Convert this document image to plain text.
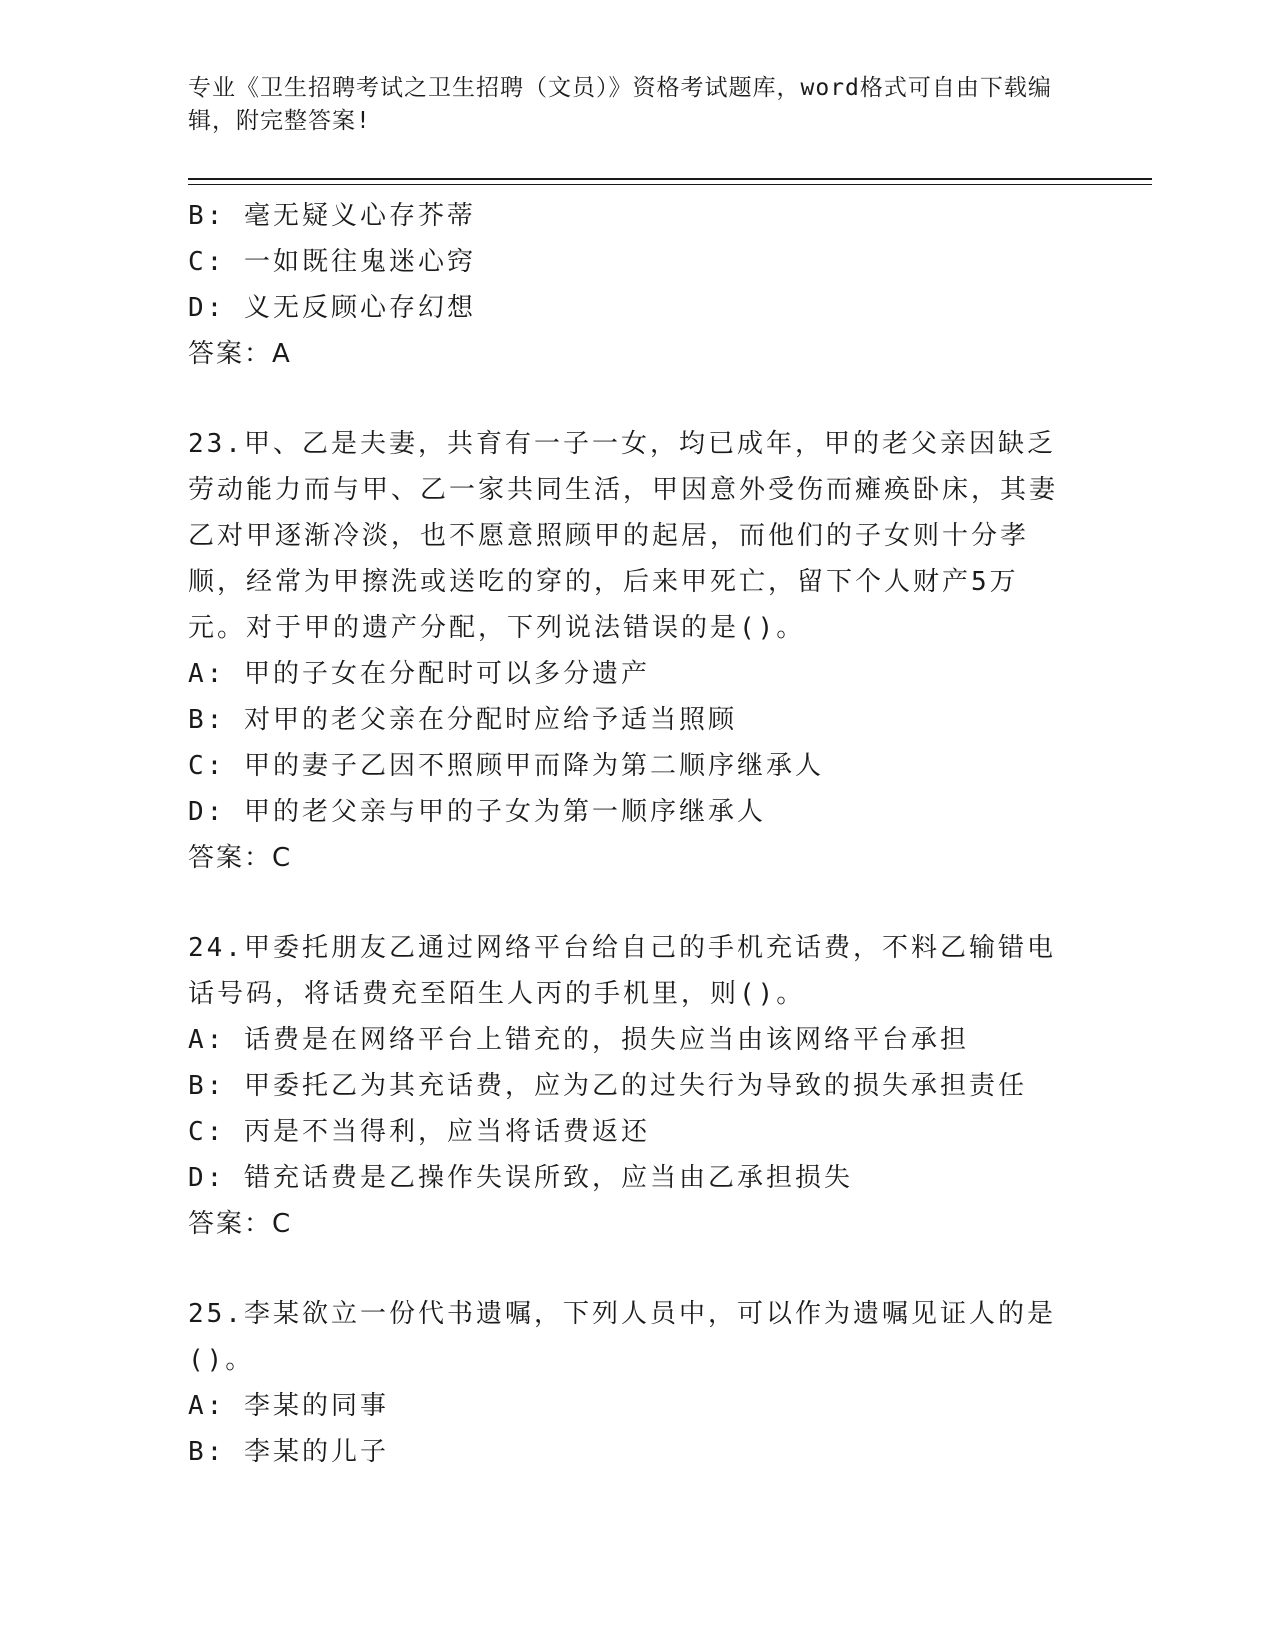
专业《卫生招聘考试之卫生招聘（文员）》资格考试题库，word格式可自由下载编辑，附完整答案!
B: 毫无疑义心存芥蒂
C: 一如既往鬼迷心窍
D: 义无反顾心存幻想
答案：A
23.甲、乙是夫妻，共育有一子一女，均已成年，甲的老父亲因缺乏劳动能力而与甲、乙一家共同生活，甲因意外受伤而瘫痪卧床，其妻乙对甲逐渐冷淡，也不愿意照顾甲的起居，而他们的子女则十分孝顺，经常为甲擦洗或送吃的穿的，后来甲死亡，留下个人财产5万元。对于甲的遗产分配，下列说法错误的是()。
A: 甲的子女在分配时可以多分遗产
B: 对甲的老父亲在分配时应给予适当照顾
C: 甲的妻子乙因不照顾甲而降为第二顺序继承人
D: 甲的老父亲与甲的子女为第一顺序继承人
答案：C
24.甲委托朋友乙通过网络平台给自己的手机充话费，不料乙输错电话号码，将话费充至陌生人丙的手机里，则()。
A: 话费是在网络平台上错充的，损失应当由该网络平台承担
B: 甲委托乙为其充话费，应为乙的过失行为导致的损失承担责任
C: 丙是不当得利，应当将话费返还
D: 错充话费是乙操作失误所致，应当由乙承担损失
答案：C
25.李某欲立一份代书遗嘱，下列人员中，可以作为遗嘱见证人的是()。
A: 李某的同事
B: 李某的儿子
